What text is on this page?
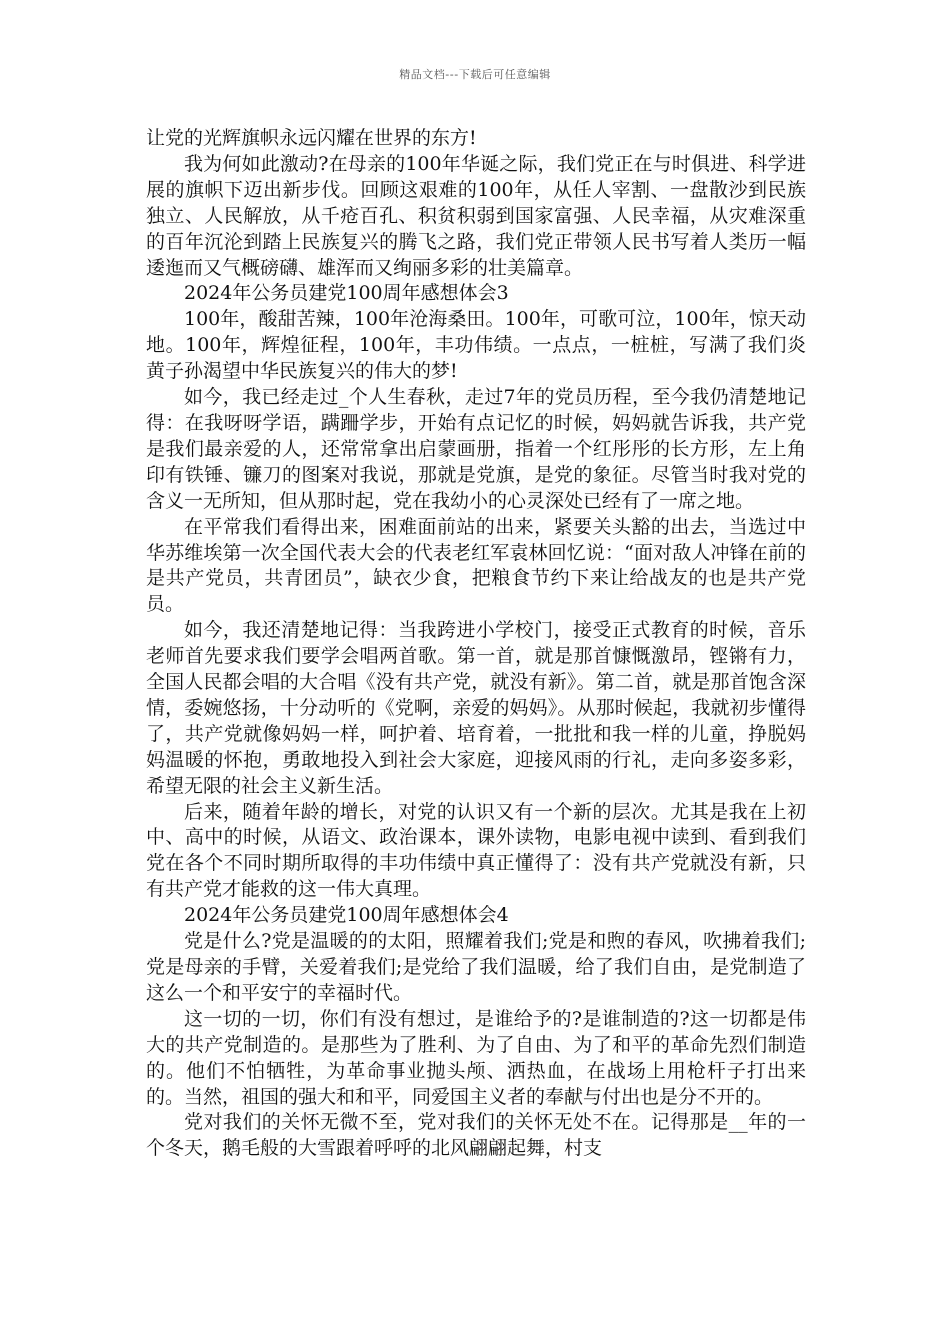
精品文档---下载后可任意编辑

让党的光辉旗帜永远闪耀在世界的东方!

我为何如此激动?在母亲的100年华诞之际，我们党正在与时俱进、科学进展的旗帜下迈出新步伐。回顾这艰难的100年，从任人宰割、一盘散沙到民族独立、人民解放，从千疮百孔、积贫积弱到国家富强、人民幸福，从灾难深重的百年沉沦到踏上民族复兴的腾飞之路，我们党正带领人民书写着人类历一幅逶迤而又气概磅礴、雄浑而又绚丽多彩的壮美篇章。

2024年公务员建党100周年感想体会3

100年，酸甜苦辣，100年沧海桑田。100年，可歌可泣，100年，惊天动地。100年，辉煌征程，100年，丰功伟绩。一点点，一桩桩，写满了我们炎黄子孙渴望中华民族复兴的伟大的梦!

如今，我已经走过_个人生春秋，走过7年的党员历程，至今我仍清楚地记得：在我呀呀学语，蹒跚学步，开始有点记忆的时候，妈妈就告诉我，共产党是我们最亲爱的人，还常常拿出启蒙画册，指着一个红彤彤的长方形，左上角印有铁锤、镰刀的图案对我说，那就是党旗，是党的象征。尽管当时我对党的含义一无所知，但从那时起，党在我幼小的心灵深处已经有了一席之地。

在平常我们看得出来，困难面前站的出来，紧要关头豁的出去，当选过中华苏维埃第一次全国代表大会的代表老红军袁林回忆说：“面对敌人冲锋在前的是共产党员，共青团员”，缺衣少食，把粮食节约下来让给战友的也是共产党员。

如今，我还清楚地记得：当我跨进小学校门，接受正式教育的时候，音乐老师首先要求我们要学会唱两首歌。第一首，就是那首慷慨激昂，铿锵有力，全国人民都会唱的大合唱《没有共产党，就没有新》。第二首，就是那首饱含深情，委婉悠扬，十分动听的《党啊，亲爱的妈妈》。从那时候起，我就初步懂得了，共产党就像妈妈一样，呵护着、培育着，一批批和我一样的儿童，挣脱妈妈温暖的怀抱，勇敢地投入到社会大家庭，迎接风雨的行礼，走向多姿多彩，希望无限的社会主义新生活。

后来，随着年龄的增长，对党的认识又有一个新的层次。尤其是我在上初中、高中的时候，从语文、政治课本，课外读物，电影电视中读到、看到我们党在各个不同时期所取得的丰功伟绩中真正懂得了：没有共产党就没有新，只有共产党才能救的这一伟大真理。

2024年公务员建党100周年感想体会4

党是什么?党是温暖的的太阳，照耀着我们;党是和煦的春风，吹拂着我们;党是母亲的手臂，关爱着我们;是党给了我们温暖，给了我们自由，是党制造了这么一个和平安宁的幸福时代。

这一切的一切，你们有没有想过，是谁给予的?是谁制造的?这一切都是伟大的共产党制造的。是那些为了胜利、为了自由、为了和平的革命先烈们制造的。他们不怕牺牲，为革命事业抛头颅、洒热血，在战场上用枪杆子打出来的。当然，祖国的强大和和平，同爱国主义者的奉献与付出也是分不开的。

党对我们的关怀无微不至，党对我们的关怀无处不在。记得那是__年的一个冬天，鹅毛般的大雪跟着呼呼的北风翩翩起舞，村支
